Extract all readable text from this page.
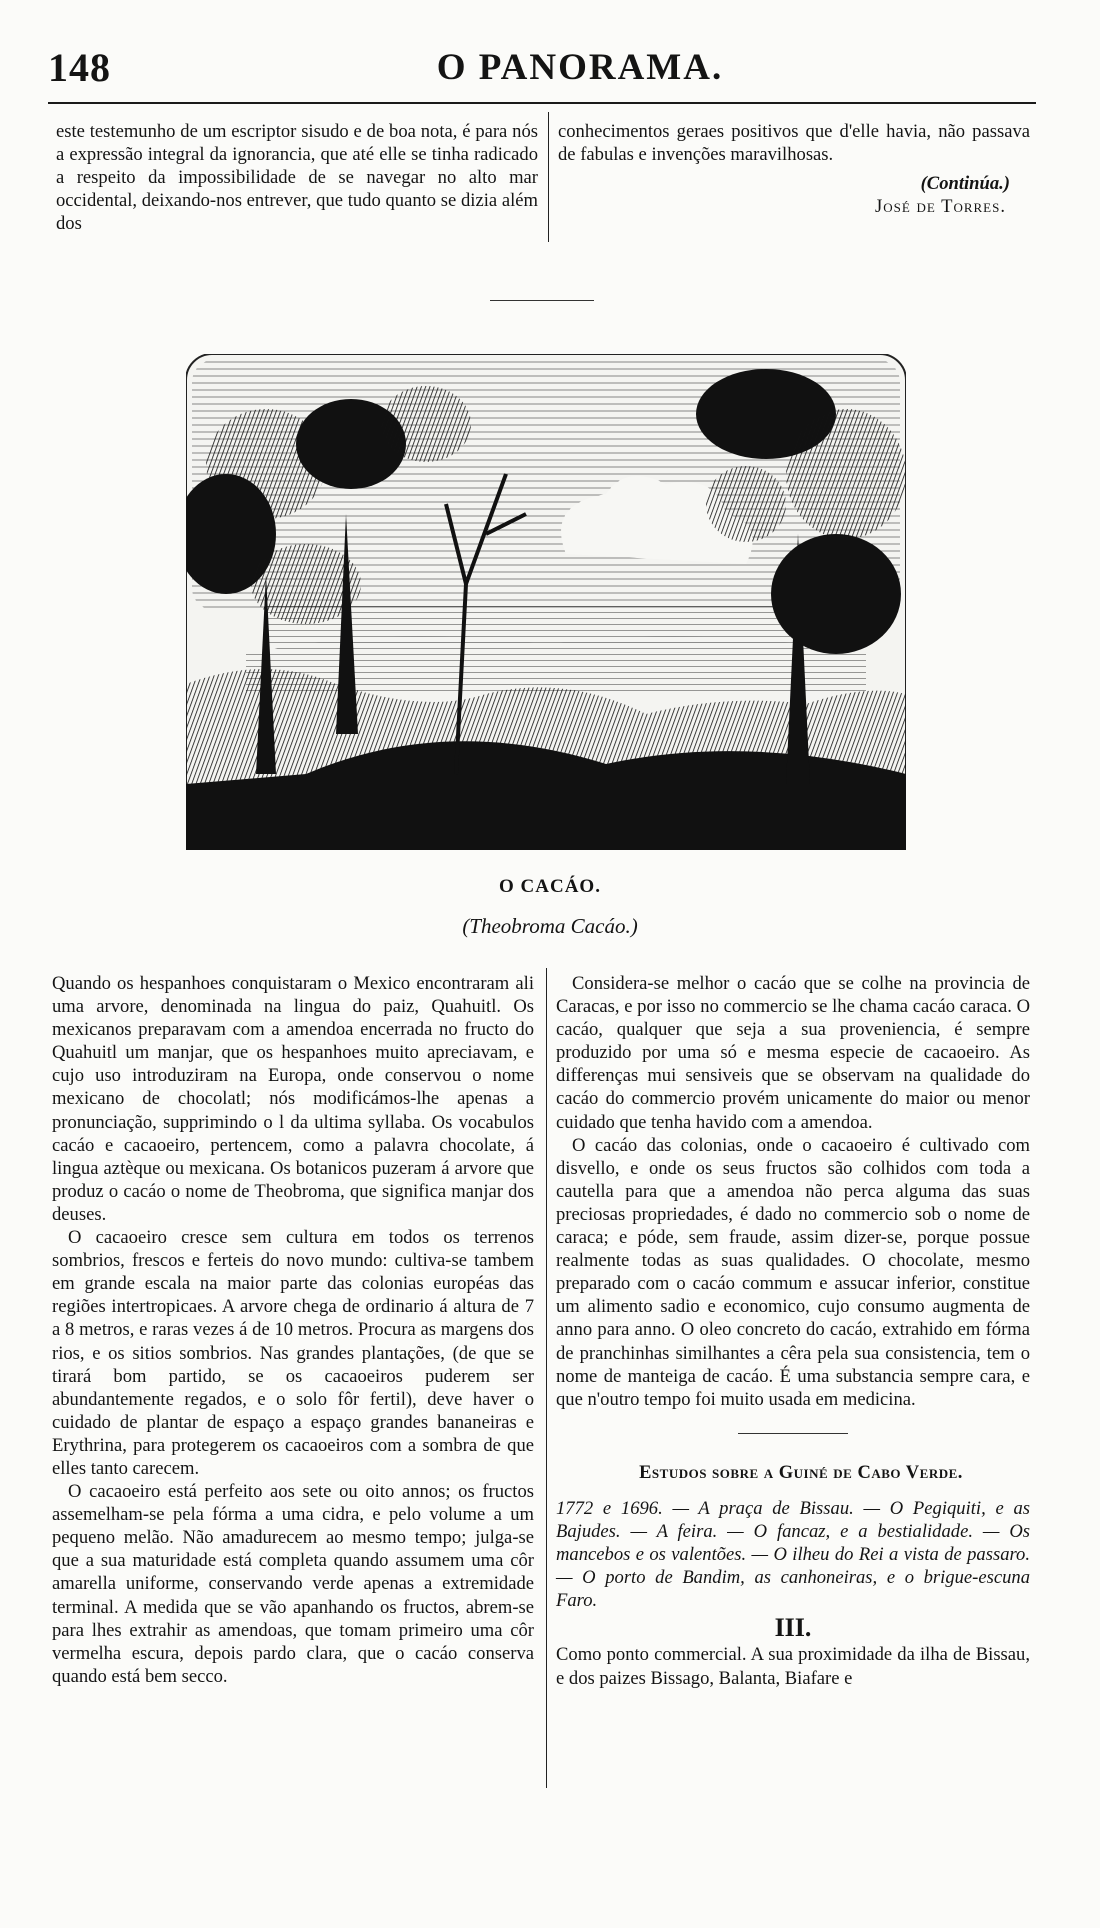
148	O PANORAMA.

este testemunho de um escriptor sisudo e de boa nota, é para nós a expressão integral da ignorancia, que até elle se tinha radicado a respeito da impossibilidade de se navegar no alto mar occidental, deixando-nos entrever, que tudo quanto se dizia além dos

conhecimentos geraes positivos que d'elle havia, não passava de fabulas e invenções maravilhosas.

(Continúa.)
José de Torres.
O CACÁO.
(Theobroma Cacáo.)

Quando os hespanhoes conquistaram o Mexico encontraram ali uma arvore, denominada na lingua do paiz, Quahuitl. Os mexicanos preparavam com a amendoa encerrada no fructo do Quahuitl um manjar, que os hespanhoes muito apreciavam, e cujo uso introduziram na Europa, onde conservou o nome mexicano de chocolatl; nós modificámos-lhe apenas a pronunciação, supprimindo o l da ultima syllaba. Os vocabulos cacáo e cacaoeiro, pertencem, como a palavra chocolate, á lingua aztèque ou mexicana. Os botanicos puzeram á arvore que produz o cacáo o nome de Theobroma, que significa manjar dos deuses.

O cacaoeiro cresce sem cultura em todos os terrenos sombrios, frescos e ferteis do novo mundo: cultiva-se tambem em grande escala na maior parte das colonias européas das regiões intertropicaes. A arvore chega de ordinario á altura de 7 a 8 metros, e raras vezes á de 10 metros. Procura as margens dos rios, e os sitios sombrios. Nas grandes plantações, (de que se tirará bom partido, se os cacaoeiros puderem ser abundantemente regados, e o solo fôr fertil), deve haver o cuidado de plantar de espaço a espaço grandes bananeiras e Erythrina, para protegerem os cacaoeiros com a sombra de que elles tanto carecem.

O cacaoeiro está perfeito aos sete ou oito annos; os fructos assemelham-se pela fórma a uma cidra, e pelo volume a um pequeno melão. Não amadurecem ao mesmo tempo; julga-se que a sua maturidade está completa quando assumem uma côr amarella uniforme, conservando verde apenas a extremidade terminal. A medida que se vão apanhando os fructos, abrem-se para lhes extrahir as amendoas, que tomam primeiro uma côr vermelha escura, depois pardo clara, que o cacáo conserva quando está bem secco.

Considera-se melhor o cacáo que se colhe na provincia de Caracas, e por isso no commercio se lhe chama cacáo caraca. O cacáo, qualquer que seja a sua proveniencia, é sempre produzido por uma só e mesma especie de cacaoeiro. As differenças mui sensiveis que se observam na qualidade do cacáo do commercio provém unicamente do maior ou menor cuidado que tenha havido com a amendoa.

O cacáo das colonias, onde o cacaoeiro é cultivado com disvello, e onde os seus fructos são colhidos com toda a cautella para que a amendoa não perca alguma das suas preciosas propriedades, é dado no commercio sob o nome de caraca; e póde, sem fraude, assim dizer-se, porque possue realmente todas as suas qualidades. O chocolate, mesmo preparado com o cacáo commum e assucar inferior, constitue um alimento sadio e economico, cujo consumo augmenta de anno para anno. O oleo concreto do cacáo, extrahido em fórma de pranchinhas similhantes a cêra pela sua consistencia, tem o nome de manteiga de cacáo. É uma substancia sempre cara, e que n'outro tempo foi muito usada em medicina.

Estudos sobre a Guiné de Cabo Verde.

1772 e 1696. — A praça de Bissau. — O Pegiquiti, e as Bajudes. — A feira. — O fancaz, e a bestialidade. — Os mancebos e os valentões. — O ilheu do Rei a vista de passaro. — O porto de Bandim, as canhoneiras, e o brigue-escuna Faro.

III.

Como ponto commercial. A sua proximidade da ilha de Bissau, e dos paizes Bissago, Balanta, Biafare e
